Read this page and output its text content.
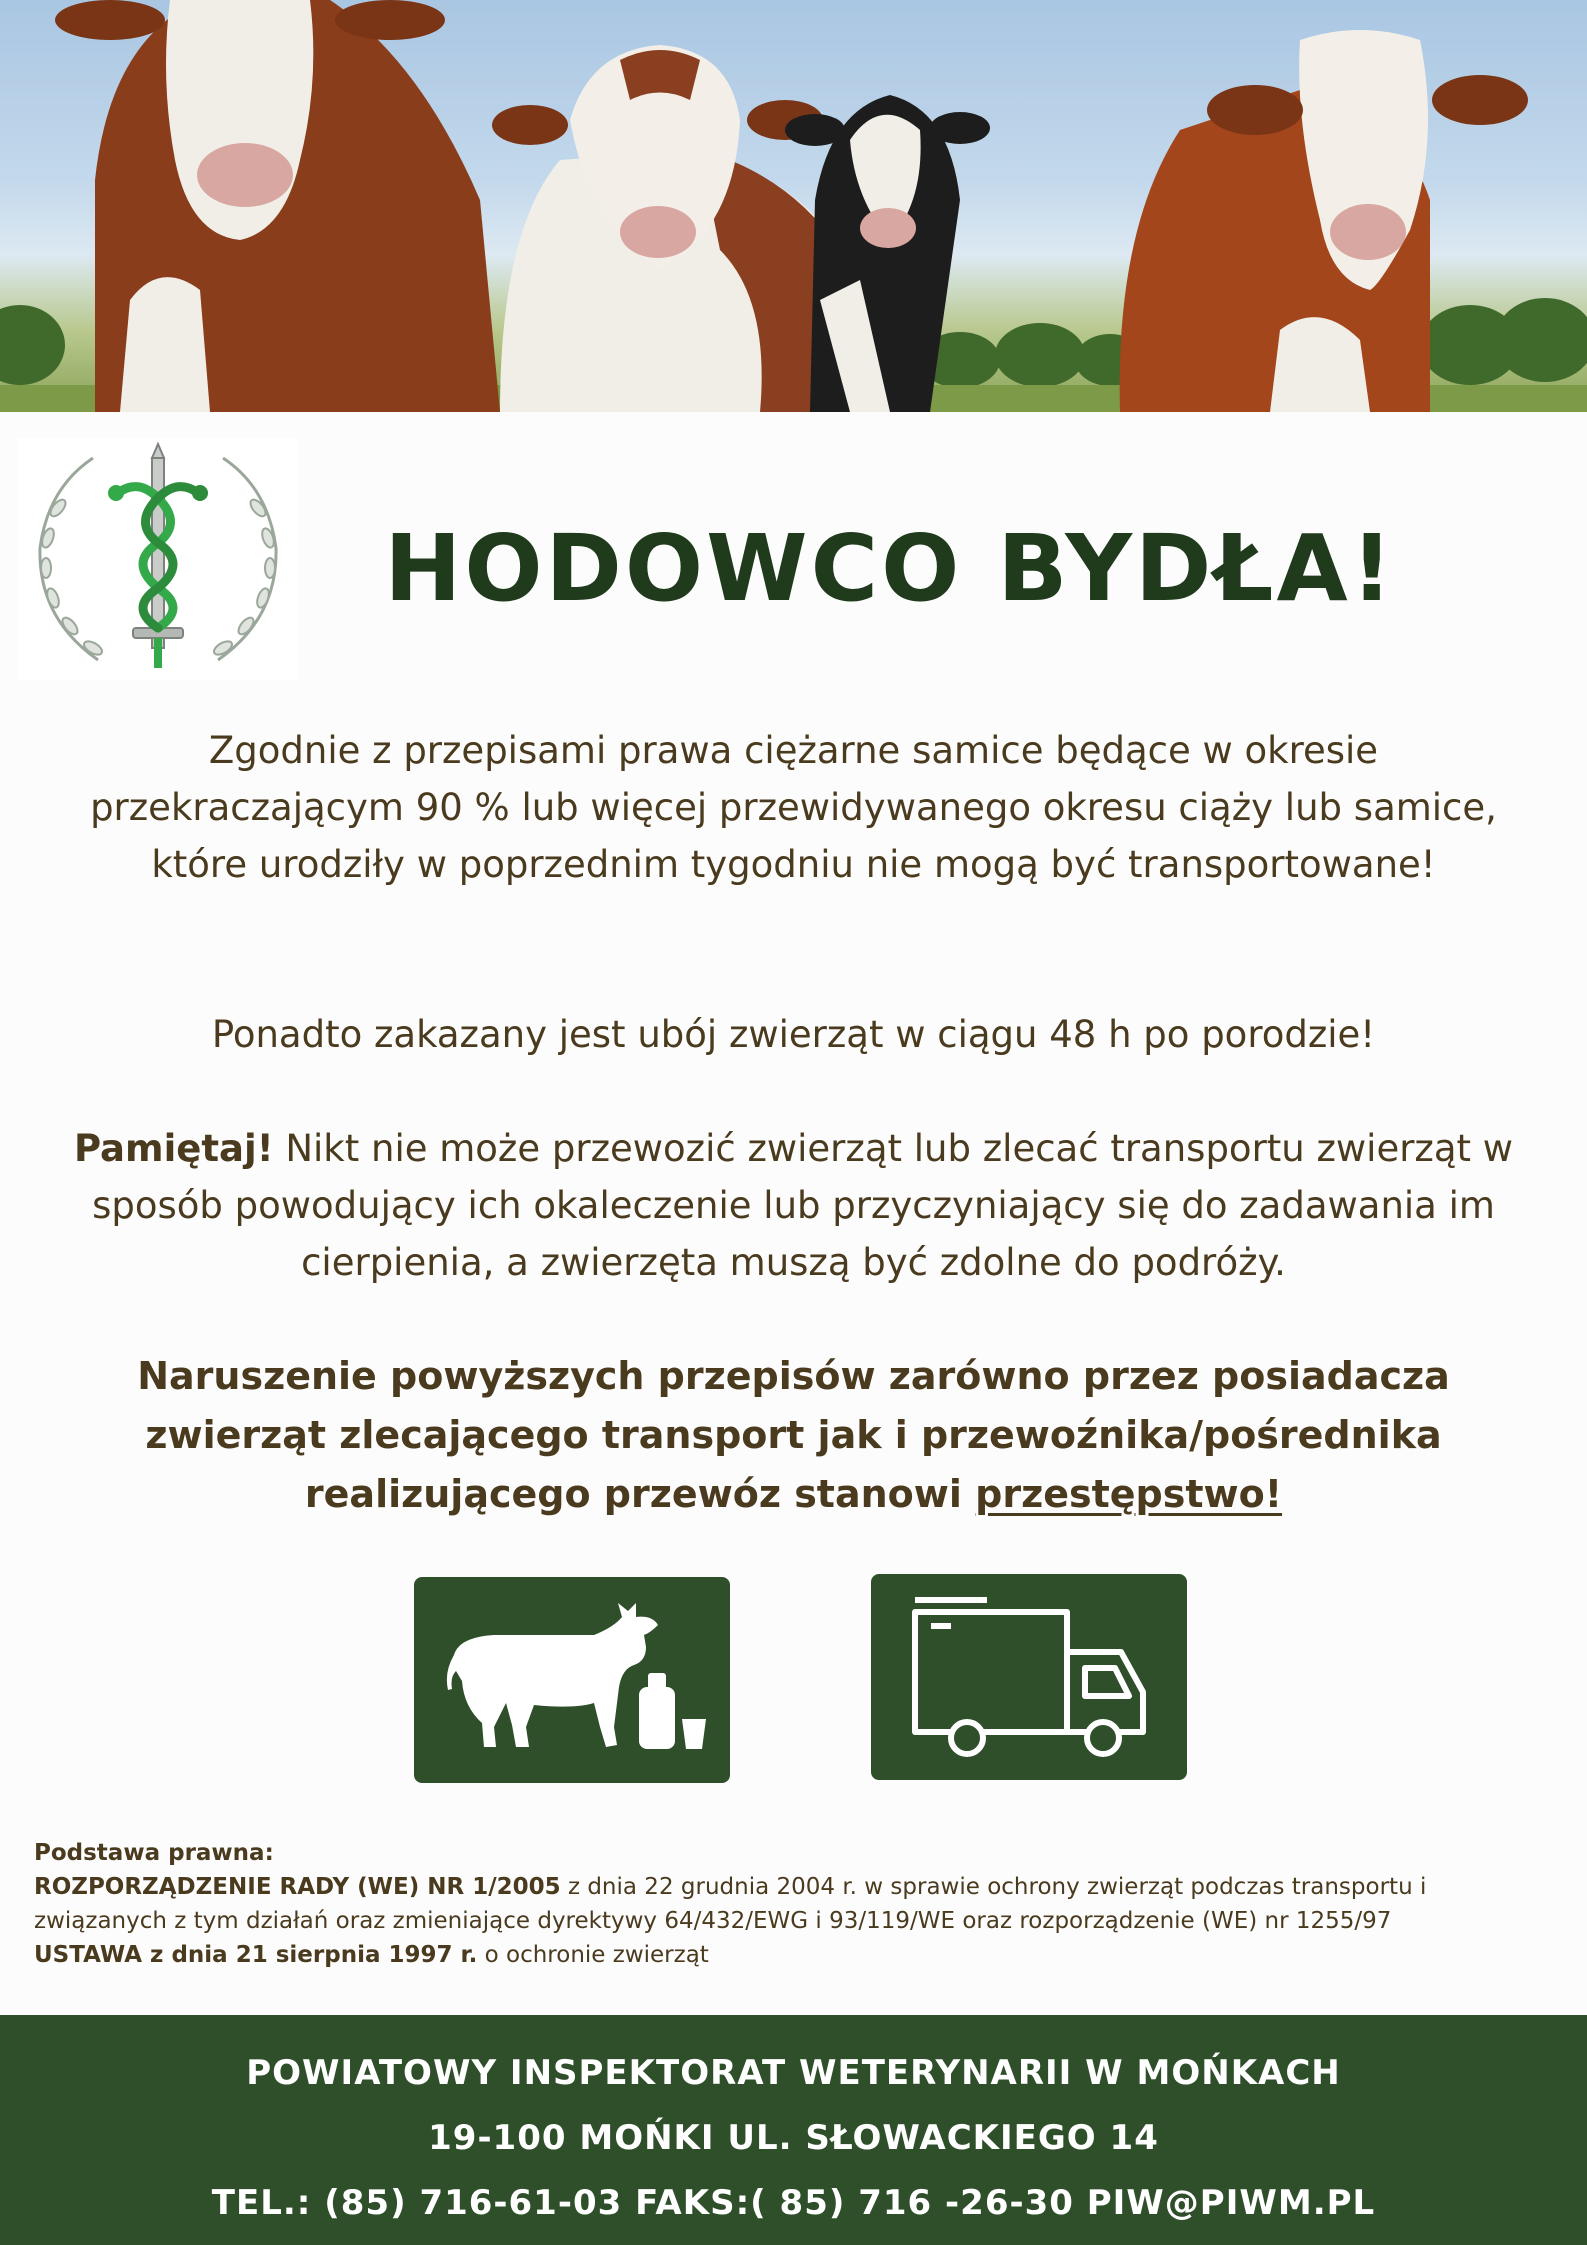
HODOWCO BYDŁA!

Zgodnie z przepisami prawa ciężarne samice będące w okresie przekraczającym 90 % lub więcej przewidywanego okresu ciąży lub samice, które urodziły w poprzednim tygodniu nie mogą być transportowane!

Ponadto zakazany jest ubój zwierząt w ciągu 48 h po porodzie!

Pamiętaj! Nikt nie może przewozić zwierząt lub zlecać transportu zwierząt w sposób powodujący ich okaleczenie lub przyczyniający się do zadawania im cierpienia, a zwierzęta muszą być zdolne do podróży.

Naruszenie powyższych przepisów zarówno przez posiadacza zwierząt zlecającego transport jak i przewoźnika/pośrednika realizującego przewóz stanowi przestępstwo!

Podstawa prawna:
ROZPORZĄDZENIE RADY (WE) NR 1/2005 z dnia 22 grudnia 2004 r. w sprawie ochrony zwierząt podczas transportu i związanych z tym działań oraz zmieniające dyrektywy 64/432/EWG i 93/119/WE oraz rozporządzenie (WE) nr 1255/97
USTAWA z dnia 21 sierpnia 1997 r. o ochronie zwierząt
POWIATOWY INSPEKTORAT WETERYNARII W MOŃKACH
19-100 MOŃKI UL. SŁOWACKIEGO 14
TEL.: (85) 716-61-03 FAKS:( 85) 716 -26-30 PIW@PIWM.PL
